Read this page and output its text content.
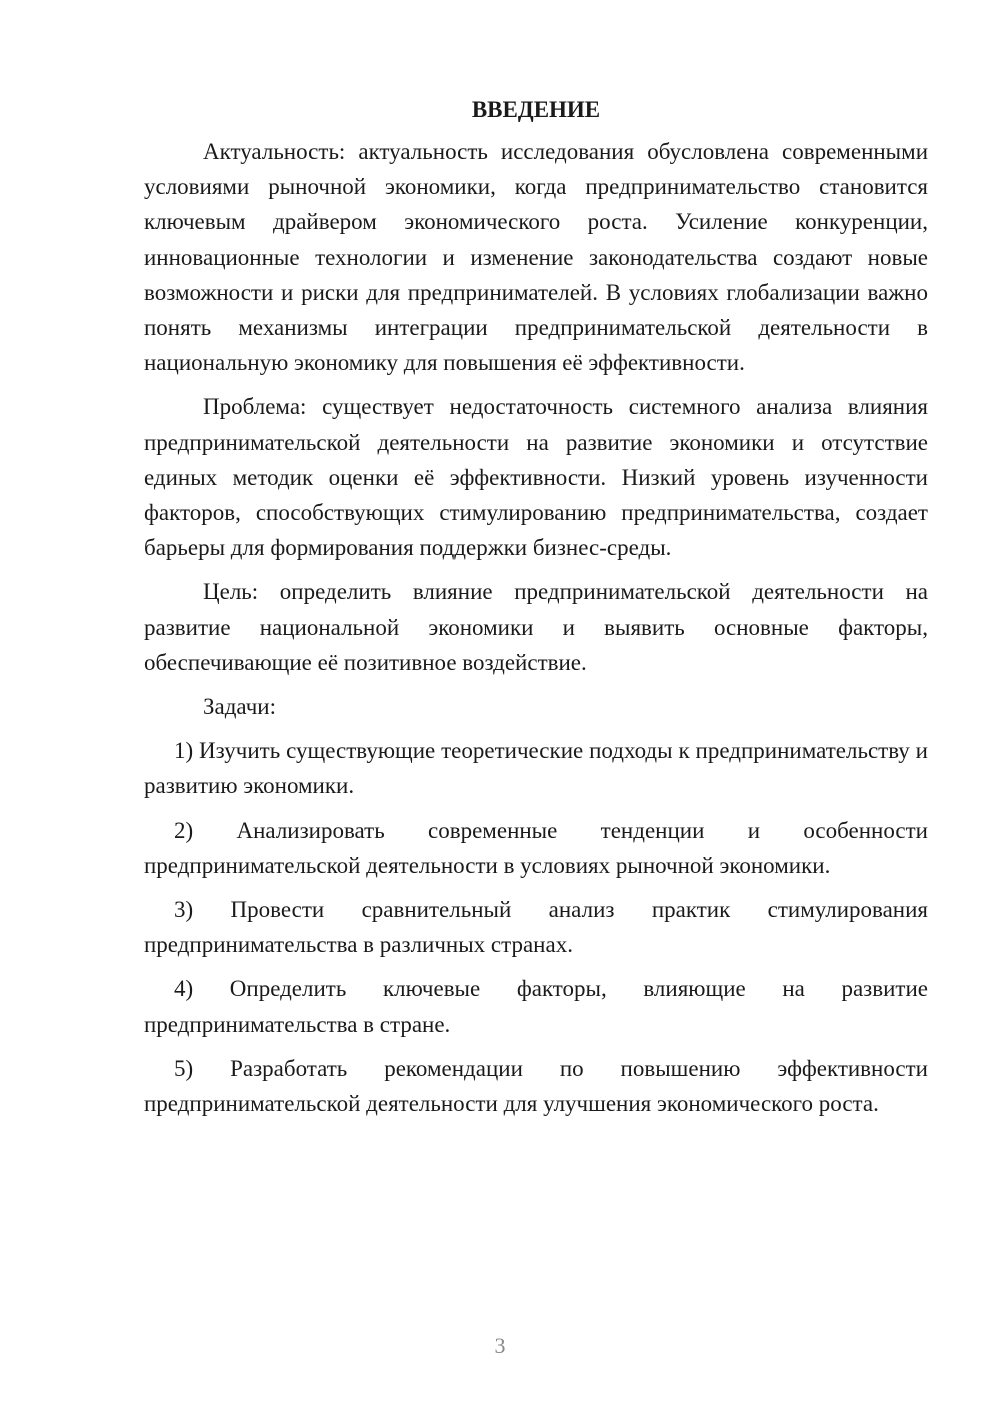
ВВЕДЕНИЕ

Актуальность: актуальность исследования обусловлена современными условиями рыночной экономики, когда предпринимательство становится ключевым драйвером экономического роста. Усиление конкуренции, инновационные технологии и изменение законодательства создают новые возможности и риски для предпринимателей. В условиях глобализации важно понять механизмы интеграции предпринимательской деятельности в национальную экономику для повышения её эффективности.

Проблема: существует недостаточность системного анализа влияния предпринимательской деятельности на развитие экономики и отсутствие единых методик оценки её эффективности. Низкий уровень изученности факторов, способствующих стимулированию предпринимательства, создает барьеры для формирования поддержки бизнес-среды.

Цель: определить влияние предпринимательской деятельности на развитие национальной экономики и выявить основные факторы, обеспечивающие её позитивное воздействие.

Задачи:

1) Изучить существующие теоретические подходы к предпринимательству и развитию экономики.

2) Анализировать современные тенденции и особенности предпринимательской деятельности в условиях рыночной экономики.

3) Провести сравнительный анализ практик стимулирования предпринимательства в различных странах.

4) Определить ключевые факторы, влияющие на развитие предпринимательства в стране.

5) Разработать рекомендации по повышению эффективности предпринимательской деятельности для улучшения экономического роста.

3
